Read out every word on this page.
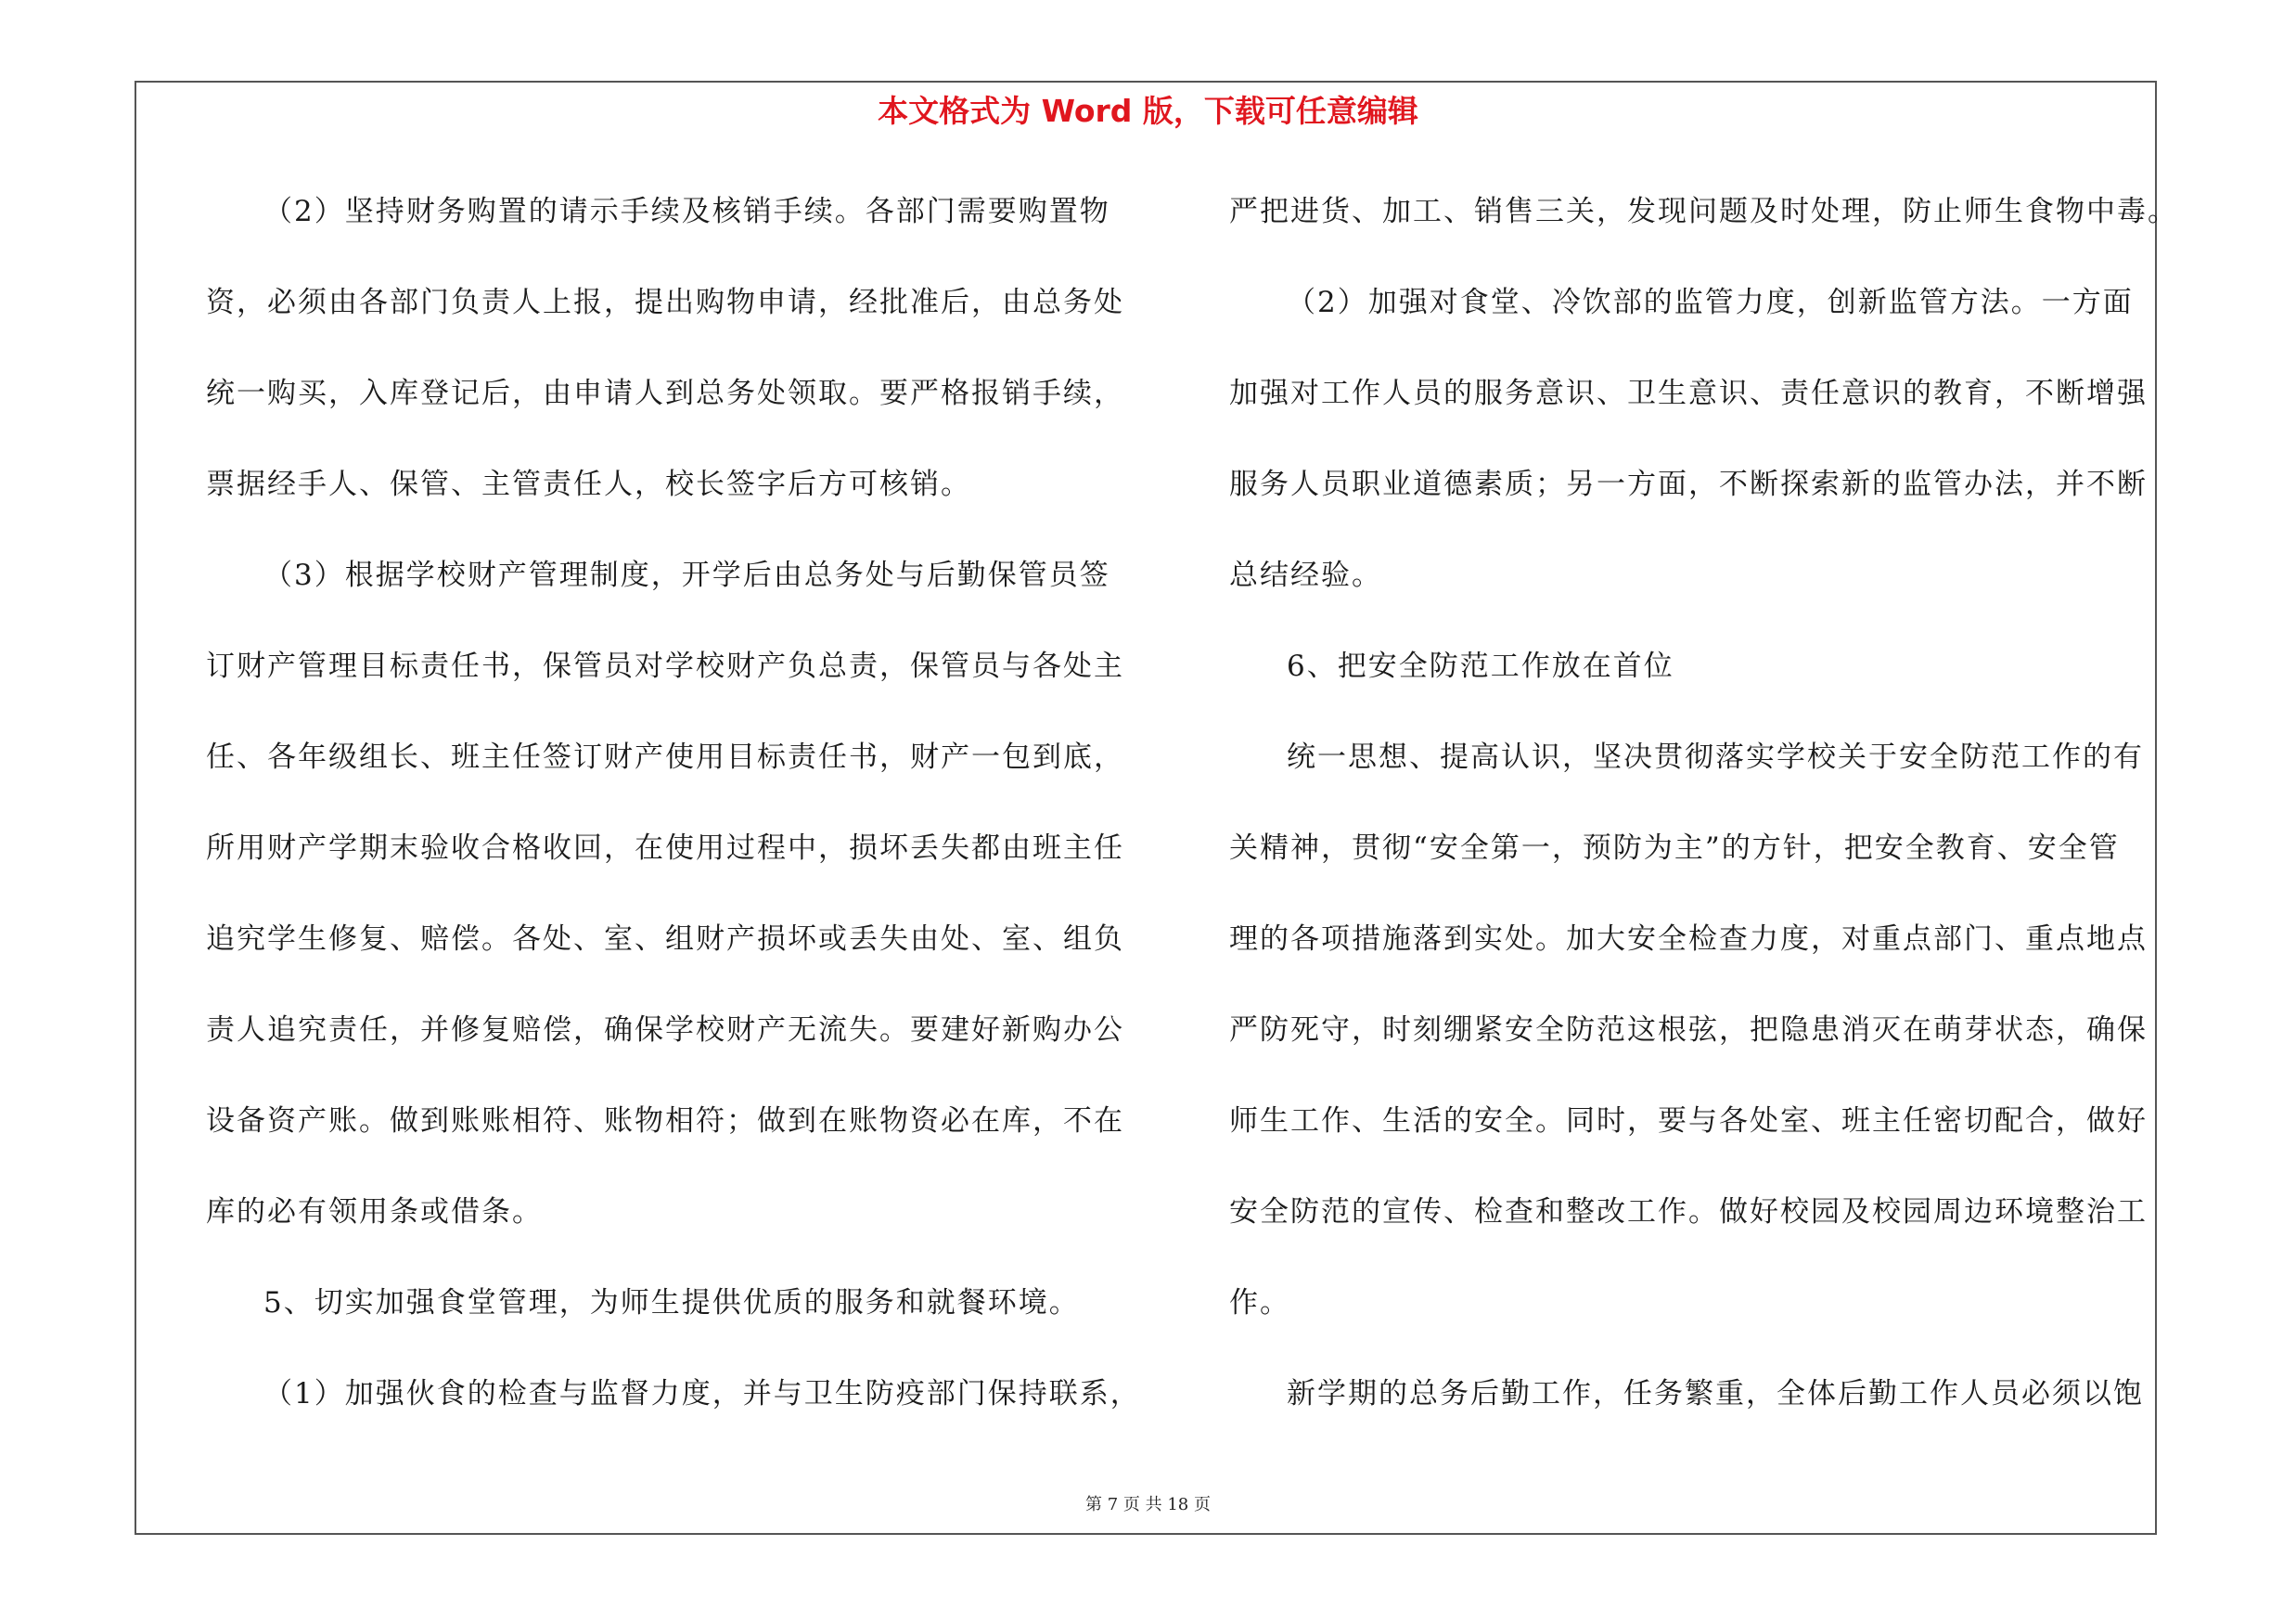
本文格式为 Word 版，下载可任意编辑
（2）坚持财务购置的请示手续及核销手续。各部门需要购置物
资，必须由各部门负责人上报，提出购物申请，经批准后，由总务处
统一购买，入库登记后，由申请人到总务处领取。要严格报销手续，
票据经手人、保管、主管责任人，校长签字后方可核销。
（3）根据学校财产管理制度，开学后由总务处与后勤保管员签
订财产管理目标责任书，保管员对学校财产负总责，保管员与各处主
任、各年级组长、班主任签订财产使用目标责任书，财产一包到底，
所用财产学期末验收合格收回，在使用过程中，损坏丢失都由班主任
追究学生修复、赔偿。各处、室、组财产损坏或丢失由处、室、组负
责人追究责任，并修复赔偿，确保学校财产无流失。要建好新购办公
设备资产账。做到账账相符、账物相符；做到在账物资必在库，不在
库的必有领用条或借条。
5、切实加强食堂管理，为师生提供优质的服务和就餐环境。
（1）加强伙食的检查与监督力度，并与卫生防疫部门保持联系，
严把进货、加工、销售三关，发现问题及时处理，防止师生食物中毒。
（2）加强对食堂、冷饮部的监管力度，创新监管方法。一方面
加强对工作人员的服务意识、卫生意识、责任意识的教育，不断增强
服务人员职业道德素质；另一方面，不断探索新的监管办法，并不断
总结经验。
6、把安全防范工作放在首位
统一思想、提高认识，坚决贯彻落实学校关于安全防范工作的有
关精神，贯彻“安全第一，预防为主”的方针，把安全教育、安全管
理的各项措施落到实处。加大安全检查力度，对重点部门、重点地点
严防死守，时刻绷紧安全防范这根弦，把隐患消灭在萌芽状态，确保
师生工作、生活的安全。同时，要与各处室、班主任密切配合，做好
安全防范的宣传、检查和整改工作。做好校园及校园周边环境整治工
作。
新学期的总务后勤工作，任务繁重，全体后勤工作人员必须以饱
第 7 页 共 18 页
